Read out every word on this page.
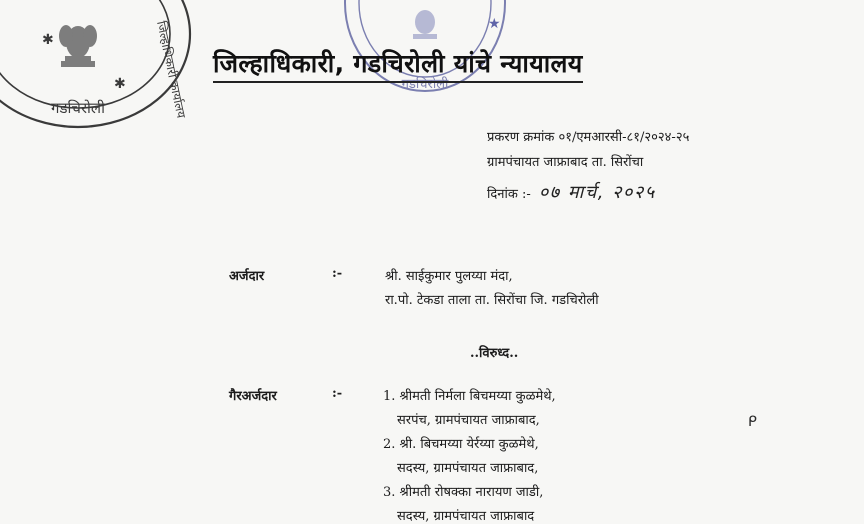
गडचिरोली	जिल्हाधिकारी कार्यालय
✱
✱	गडचिरोली
★
जिल्हाधिकारी, गडचिरोली यांचे न्यायालय
प्रकरण क्रमांक ०१/एमआरसी-८१/२०२४-२५
ग्रामपंचायत जाफ्राबाद ता. सिरोंचा
दिनांक :- ०७ मार्च, २०२५
अर्जदार	:-	श्री. साईकुमार पुलय्या मंदा,
रा.पो. टेकडा ताला ता. सिरोंचा जि. गडचिरोली
..विरुध्द..
गैरअर्जदार	:-	1. श्रीमती निर्मला बिचमय्या कुळमेथे,
सरपंच, ग्रामपंचायत जाफ्राबाद,
2. श्री. बिचमय्या येर्रय्या कुळमेथे,
सदस्य, ग्रामपंचायत जाफ्राबाद,
3. श्रीमती रोषक्का नारायण जाडी,
सदस्य, ग्रामपंचायत जाफ्राबाद
ᑭ
